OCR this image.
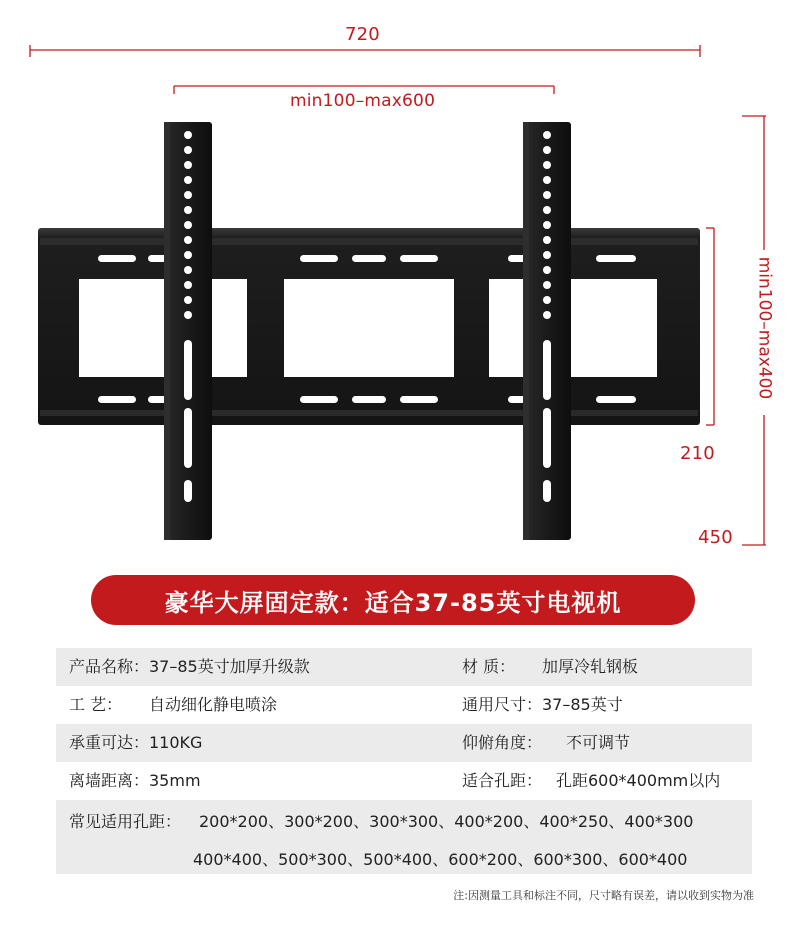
720
min100–max600
min100–max400
210
450
豪华大屏固定款：适合37-85英寸电视机
产品名称： 37–85英寸加厚升级款	材 质： 加厚冷轧钢板
工 艺： 自动细化静电喷涂	通用尺寸： 37–85英寸
承重可达： 110KG	仰俯角度： 不可调节
离墙距离： 35mm	适合孔距： 孔距600*400mm以内
常见适用孔距： 200*200、300*200、300*300、400*200、400*250、400*300
400*400、500*300、500*400、600*200、600*300、600*400
注:因测量工具和标注不同，尺寸略有误差，请以收到实物为准
